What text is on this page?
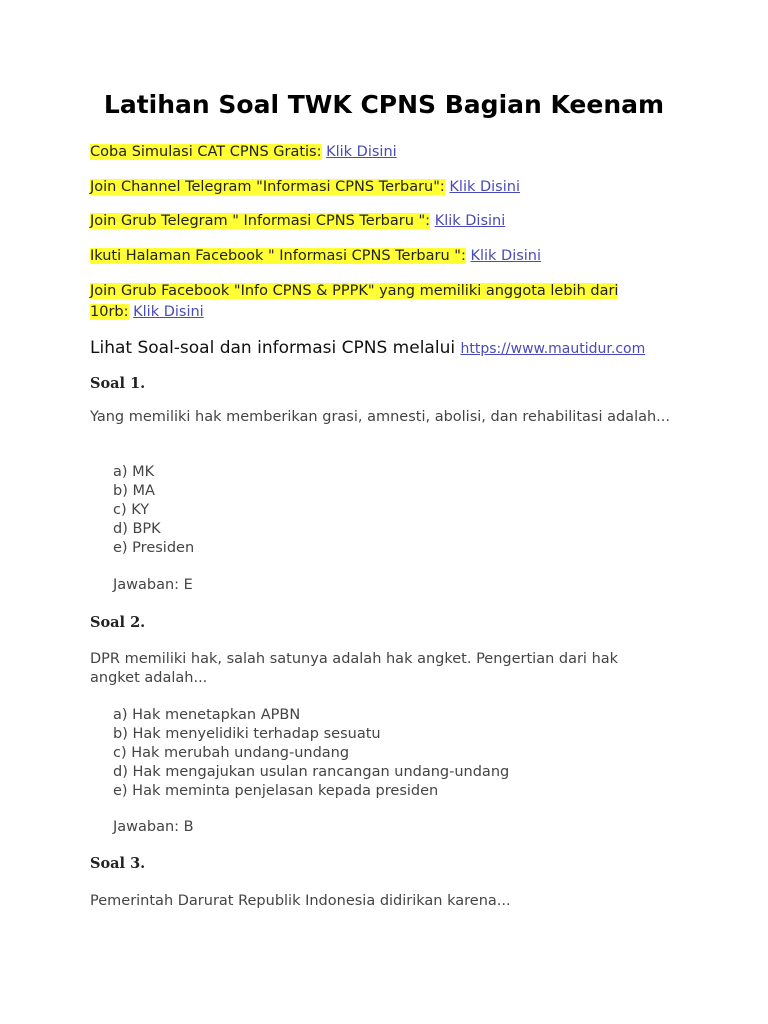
Latihan Soal TWK CPNS Bagian Keenam
Coba Simulasi CAT CPNS Gratis: Klik Disini
Join Channel Telegram "Informasi CPNS Terbaru": Klik Disini
Join Grub Telegram " Informasi CPNS Terbaru ": Klik Disini
Ikuti Halaman Facebook " Informasi CPNS Terbaru ": Klik Disini
Join Grub Facebook "Info CPNS & PPPK" yang memiliki anggota lebih dari
10rb: Klik Disini
Lihat Soal-soal dan informasi CPNS melalui https://www.mautidur.com
Soal 1.
Yang memiliki hak memberikan grasi, amnesti, abolisi, dan rehabilitasi adalah...
a) MK
b) MA
c) KY
d) BPK
e) Presiden
Jawaban: E
Soal 2.
DPR memiliki hak, salah satunya adalah hak angket. Pengertian dari hak angket adalah...
a) Hak menetapkan APBN
b) Hak menyelidiki terhadap sesuatu
c) Hak merubah undang-undang
d) Hak mengajukan usulan rancangan undang-undang
e) Hak meminta penjelasan kepada presiden
Jawaban: B
Soal 3.
Pemerintah Darurat Republik Indonesia didirikan karena...
